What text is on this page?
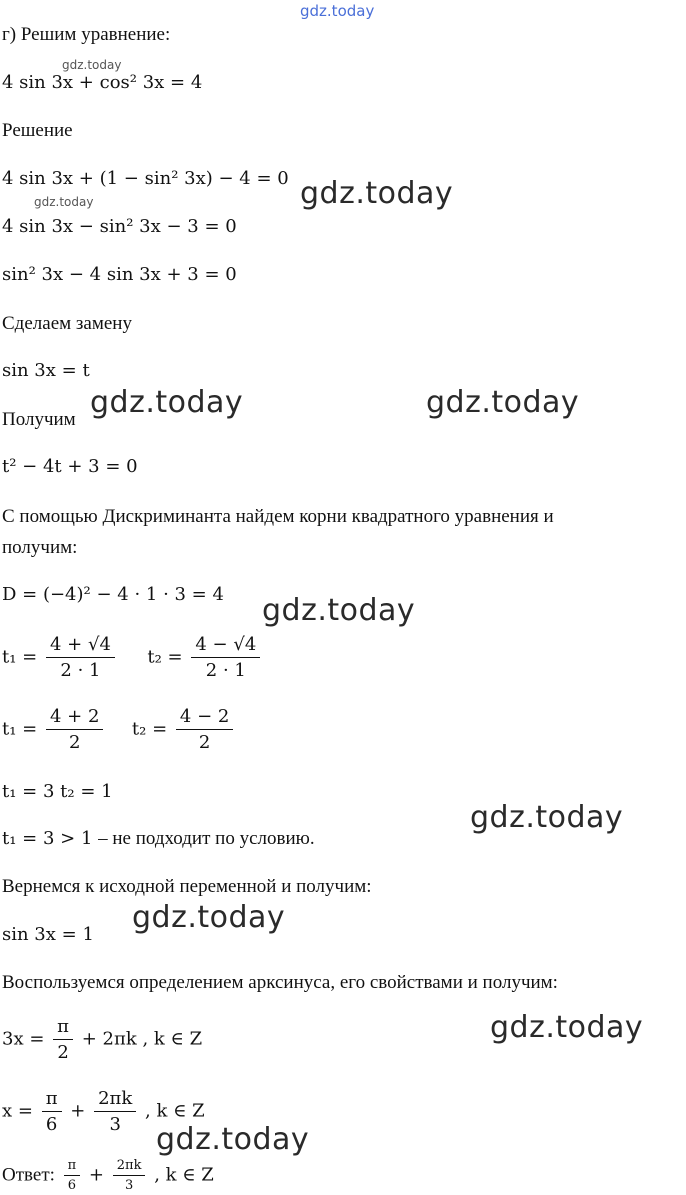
gdz.today
г) Решим уравнение:
gdz.today
4 sin 3x + cos² 3x = 4
Решение
4 sin 3x + (1 − sin² 3x) − 4 = 0 gdz.today
gdz.today
4 sin 3x − sin² 3x − 3 = 0
sin² 3x − 4 sin 3x + 3 = 0
Сделаем замену
sin 3x = t
gdz.today	gdz.today
Получим
t² − 4t + 3 = 0
С помощью Дискриминанта найдем корни квадратного уравнения и
получим:
D = (−4)² − 4 · 1 · 3 = 4 gdz.today
$t_1 = \frac{4 + √4}{2 \cdot 1} t_2 = \frac{4 - √4}{2 \cdot 1}$
$t_1 = \frac{4 + 2}{2} t_2 = \frac{4 - 2}{2}$
t₁ = 3 t₂ = 1
gdz.today
t₁ = 3 > 1 – не подходит по условию.
Вернемся к исходной переменной и получим:
gdz.today
sin 3x = 1
Воспользуемся определением арксинуса, его свойствами и получим:
gdz.today
$3x = \frac{\pi}{2} + 2\pi k$ , k ∈ Z
$x = \frac{\pi}{6} + \frac{2\pi k}{3}$ , k ∈ Z
gdz.today
Ответ: $\frac{\pi}{6} + \frac{2\pi k}{3}$ , k ∈ Z
